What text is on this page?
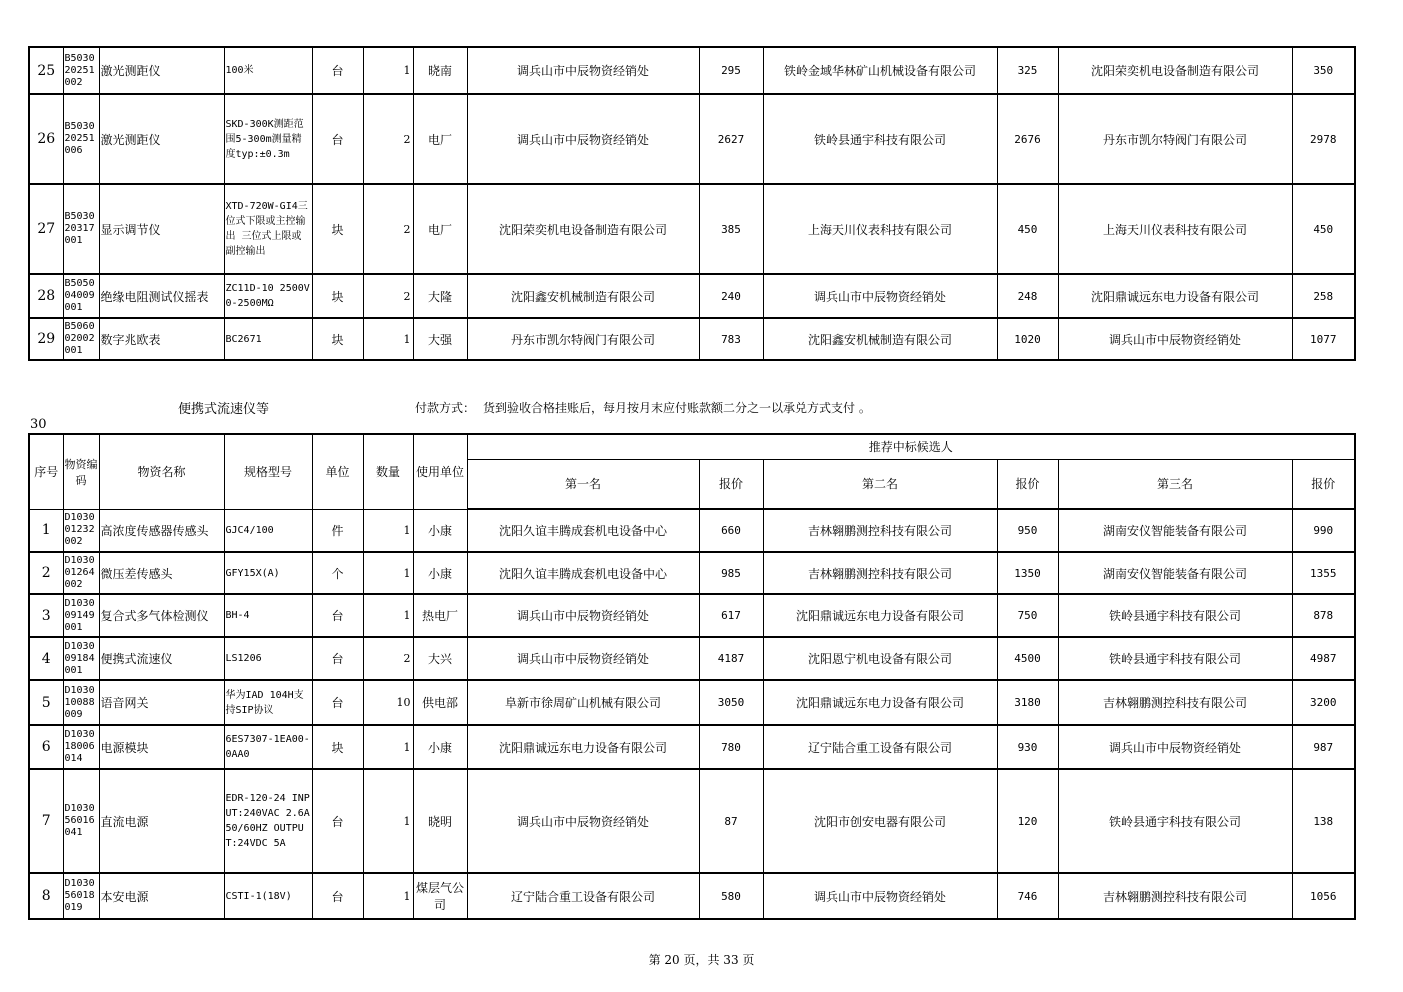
25	B5030 20251 002	激光测距仪	100米	台	1	晓南	调兵山市中辰物资经销处	295	铁岭金域华林矿山机械设备有限公司	325	沈阳荣奕机电设备制造有限公司	350
26	B5030 20251 006	激光测距仪	SKD-300K测距范围5-300m测量精度typ:±0.3m	台	2	电厂	调兵山市中辰物资经销处	2627	铁岭县通宇科技有限公司	2676	丹东市凯尔特阀门有限公司	2978
27	B5030 20317 001	显示调节仪	XTD-720W-GI4三位式下限或主控输出 三位式上限或副控输出	块	2	电厂	沈阳荣奕机电设备制造有限公司	385	上海天川仪表科技有限公司	450	上海天川仪表科技有限公司	450
28	B5050 04009 001	绝缘电阻测试仪摇表	ZC11D-10 2500V 0-2500MΩ	块	2	大隆	沈阳鑫安机械制造有限公司	240	调兵山市中辰物资经销处	248	沈阳鼎诚远东电力设备有限公司	258
29	B5060 02002 001	数字兆欧表	BC2671	块	1	大强	丹东市凯尔特阀门有限公司	783	沈阳鑫安机械制造有限公司	1020	调兵山市中辰物资经销处	1077
便携式流速仪等	付款方式： 货到验收合格挂账后，每月按月末应付账款额二分之一以承兑方式支付 。
30
序号	物资编码	物资名称	规格型号	单位	数量	使用单位	推荐中标候选人					
							第一名	报价	第二名	报价	第三名	报价
1	D1030 01232 002	高浓度传感器传感头	GJC4/100	件	1	小康	沈阳久谊丰腾成套机电设备中心	660	吉林翱鹏测控科技有限公司	950	湖南安仪智能装备有限公司	990
2	D1030 01264 002	微压差传感头	GFY15X(A)	个	1	小康	沈阳久谊丰腾成套机电设备中心	985	吉林翱鹏测控科技有限公司	1350	湖南安仪智能装备有限公司	1355
3	D1030 09149 001	复合式多气体检测仪	BH-4	台	1	热电厂	调兵山市中辰物资经销处	617	沈阳鼎诚远东电力设备有限公司	750	铁岭县通宇科技有限公司	878
4	D1030 09184 001	便携式流速仪	LS1206	台	2	大兴	调兵山市中辰物资经销处	4187	沈阳恩宁机电设备有限公司	4500	铁岭县通宇科技有限公司	4987
5	D1030 10088 009	语音网关	华为IAD 104H支持SIP协议	台	10	供电部	阜新市徐周矿山机械有限公司	3050	沈阳鼎诚远东电力设备有限公司	3180	吉林翱鹏测控科技有限公司	3200
6	D1030 18006 014	电源模块	6ES7307-1EA00-0AA0	块	1	小康	沈阳鼎诚远东电力设备有限公司	780	辽宁陆合重工设备有限公司	930	调兵山市中辰物资经销处	987
7	D1030 56016 041	直流电源	EDR-120-24 INPUT:240VAC 2.6A 50/60HZ OUTPUT:24VDC 5A	台	1	晓明	调兵山市中辰物资经销处	87	沈阳市创安电器有限公司	120	铁岭县通宇科技有限公司	138
8	D1030 56018 019	本安电源	CSTI-1(18V)	台	1	煤层气公司	辽宁陆合重工设备有限公司	580	调兵山市中辰物资经销处	746	吉林翱鹏测控科技有限公司	1056
第 20 页，共 33 页
